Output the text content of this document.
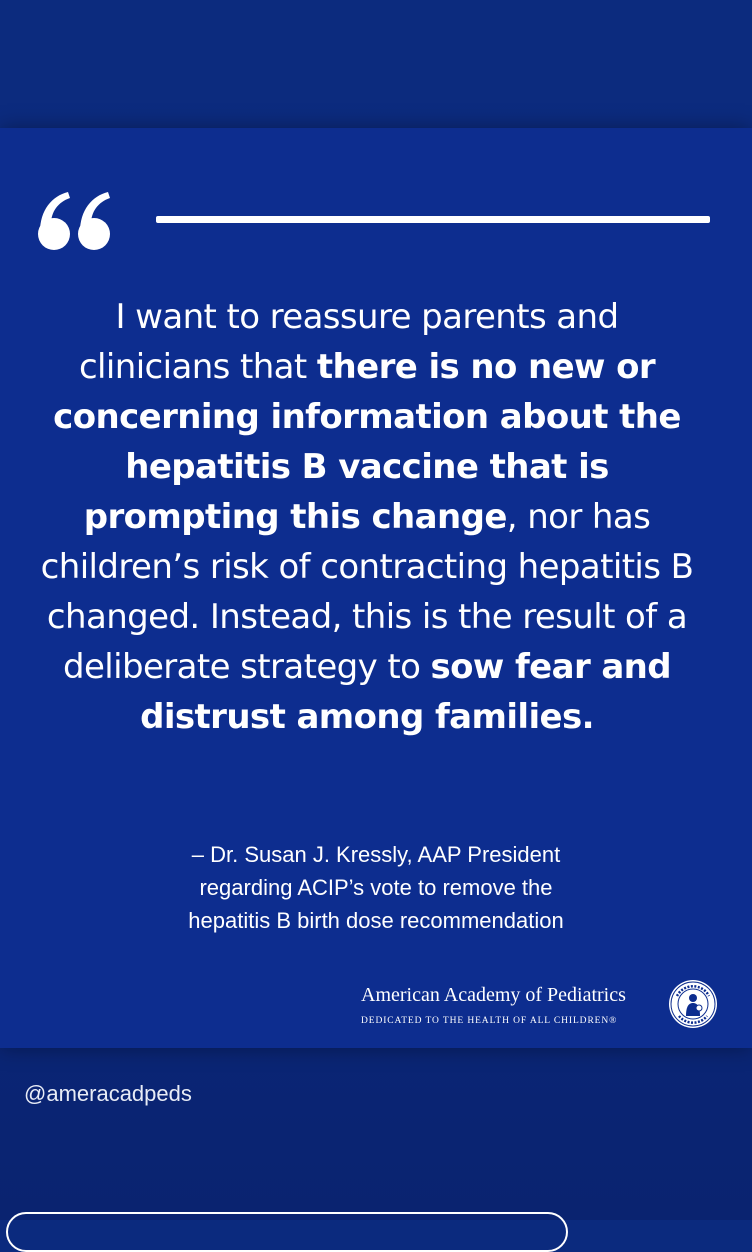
I want to reassure parents and clinicians that there is no new or concerning information about the hepatitis B vaccine that is prompting this change, nor has children’s risk of contracting hepatitis B changed. Instead, this is the result of a deliberate strategy to sow fear and distrust among families.
– Dr. Susan J. Kressly, AAP President
regarding ACIP’s vote to remove the
hepatitis B birth dose recommendation
American Academy of Pediatrics
DEDICATED TO THE HEALTH OF ALL CHILDREN®
@ameracadpeds
